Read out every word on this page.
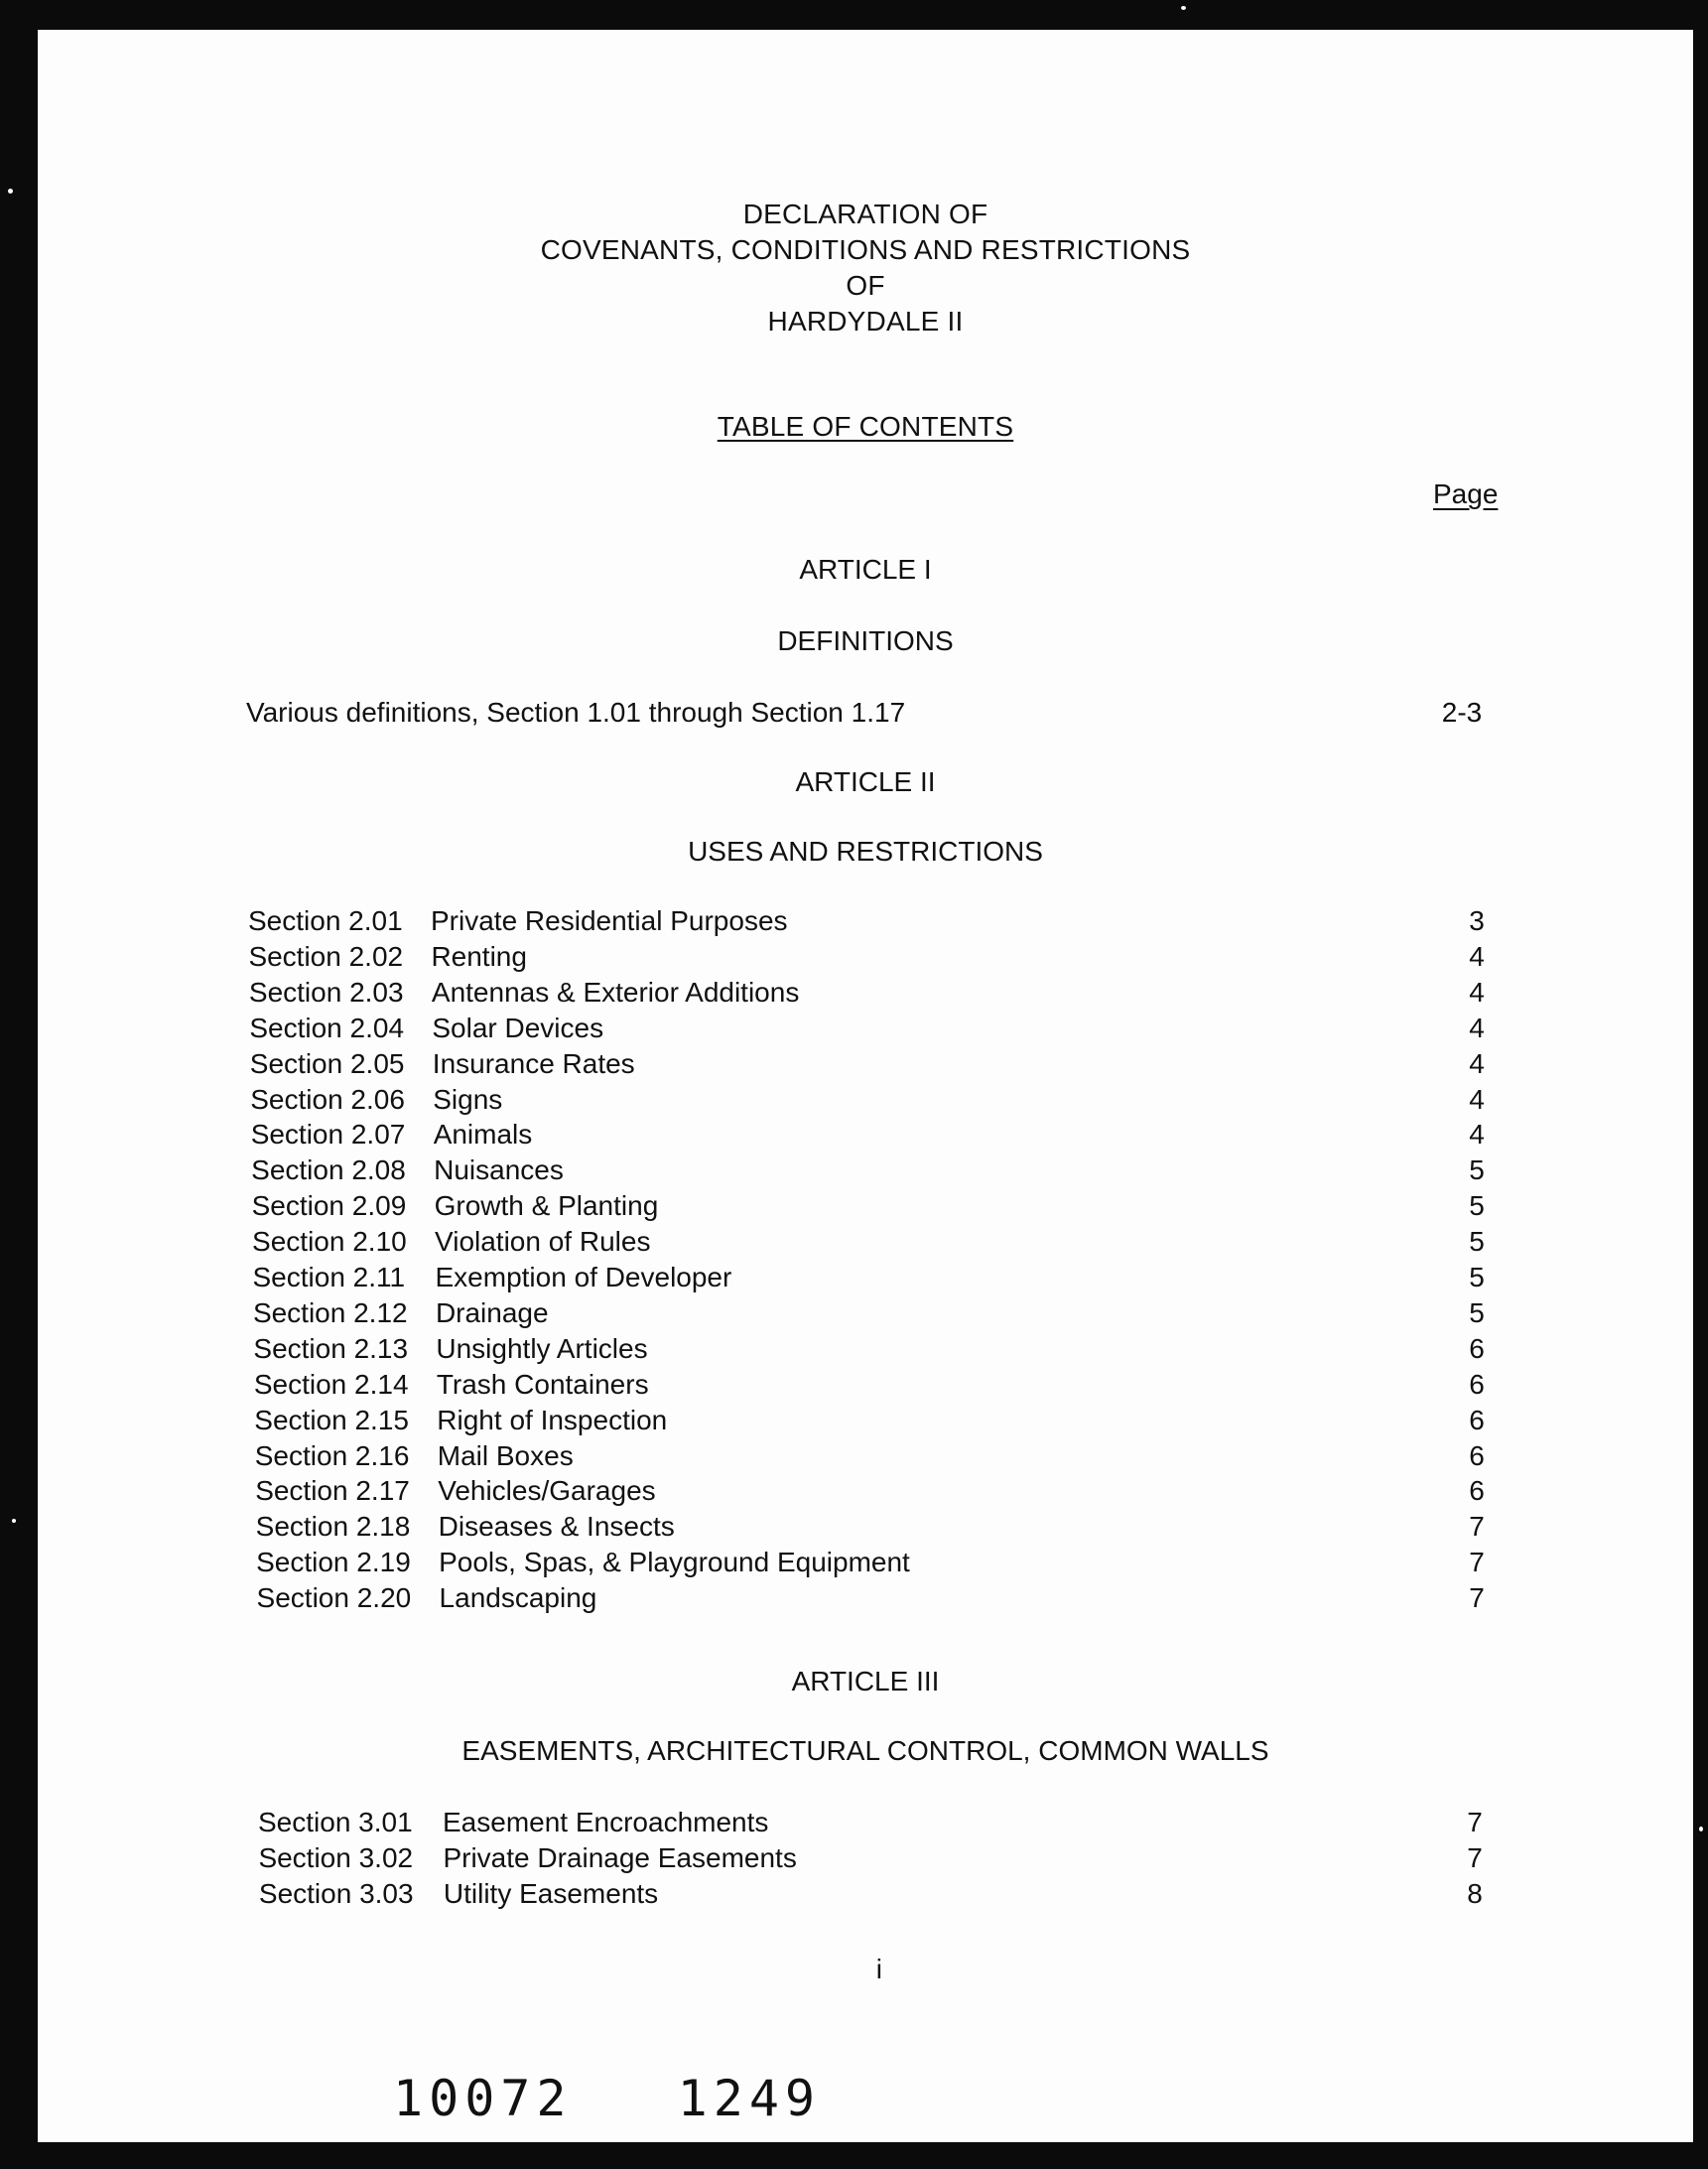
DECLARATION OF
COVENANTS, CONDITIONS AND RESTRICTIONS
OF
HARDYDALE II
TABLE OF CONTENTS
Page
ARTICLE I
DEFINITIONS
Various definitions, Section 1.01 through Section 1.17	2-3
ARTICLE II
USES AND RESTRICTIONS
Section 2.01 Private Residential Purposes	3
Section 2.02 Renting	4
Section 2.03 Antennas & Exterior Additions	4
Section 2.04 Solar Devices	4
Section 2.05 Insurance Rates	4
Section 2.06 Signs	4
Section 2.07 Animals	4
Section 2.08 Nuisances	5
Section 2.09 Growth & Planting	5
Section 2.10 Violation of Rules	5
Section 2.11 Exemption of Developer	5
Section 2.12 Drainage	5
Section 2.13 Unsightly Articles	6
Section 2.14 Trash Containers	6
Section 2.15 Right of Inspection	6
Section 2.16 Mail Boxes	6
Section 2.17 Vehicles/Garages	6
Section 2.18 Diseases & Insects	7
Section 2.19 Pools, Spas, & Playground Equipment	7
Section 2.20 Landscaping	7
ARTICLE III
EASEMENTS, ARCHITECTURAL CONTROL, COMMON WALLS
Section 3.01 Easement Encroachments	7
Section 3.02 Private Drainage Easements	7
Section 3.03 Utility Easements	8
i
10072 1249
